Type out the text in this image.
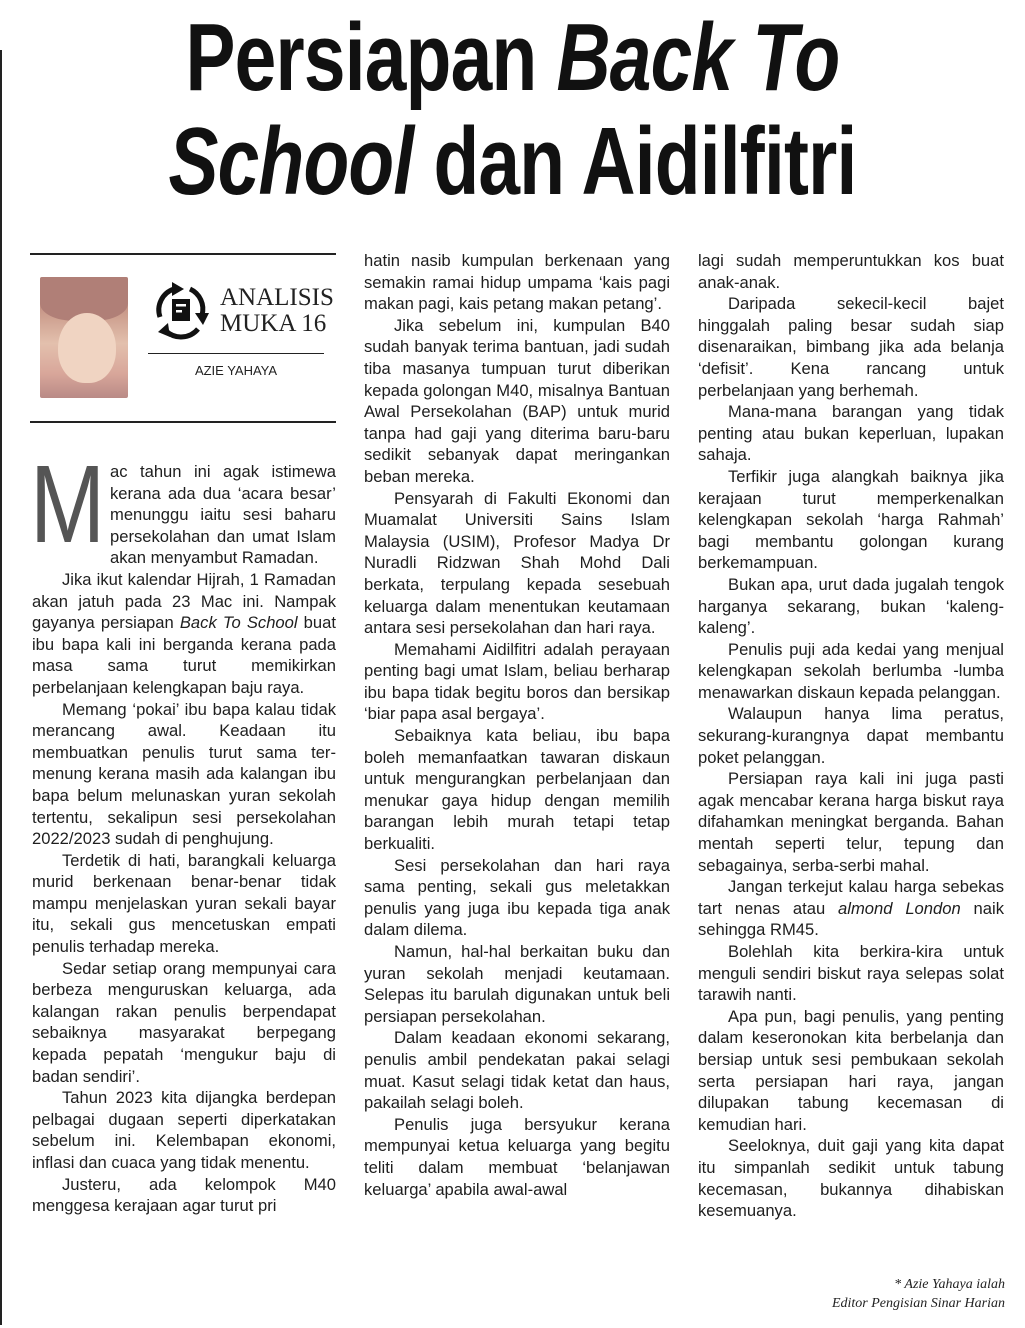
Persiapan Back To
School dan Aidilfitri
ANALISIS
MUKA 16
AZIE YAHAYA

Mac tahun ini agak istimewa kerana ada dua ‘acara besar’ menunggu iaitu sesi baharu persekolahan dan umat Islam akan menyambut Ramadan.

Jika ikut kalendar Hijrah, 1 Ramadan akan jatuh pada 23 Mac ini. Nampak gayanya persiapan Back To School buat ibu bapa kali ini berganda kerana pada masa sama turut memikirkan perbelanjaan kelengkapan baju raya.

Memang ‘pokai’ ibu bapa kalau tidak merancang awal. Keadaan itu membuatkan penulis turut sama termenung kerana masih ada kalangan ibu bapa belum melunaskan yuran sekolah tertentu, sekalipun sesi persekolahan 2022/2023 sudah di penghujung.

Terdetik di hati, barangkali keluarga murid berkenaan benar-benar tidak mampu menjelaskan yuran sekali bayar itu, sekali gus mencetuskan empati penulis terhadap mereka.

Sedar setiap orang mempunyai cara berbeza menguruskan keluarga, ada kalangan rakan penulis berpendapat sebaiknya masyarakat berpegang kepada pepatah ‘mengukur baju di badan sendiri’.

Tahun 2023 kita dijangka berdepan pelbagai dugaan seperti diperkatakan sebelum ini. Kelembapan ekonomi, inflasi dan cuaca yang tidak menentu.

Justeru, ada kelompok M40 menggesa kerajaan agar turut pri

hatin nasib kumpulan berkenaan yang semakin ramai hidup umpama ‘kais pagi makan pagi, kais petang makan petang’.

Jika sebelum ini, kumpulan B40 sudah banyak terima bantuan, jadi sudah tiba masanya tumpuan turut diberikan kepada golongan M40, misalnya Bantuan Awal Persekolahan (BAP) untuk murid tanpa had gaji yang diterima baru-baru sedikit sebanyak dapat meringankan beban mereka.

Pensyarah di Fakulti Ekonomi dan Muamalat Universiti Sains Islam Malaysia (USIM), Profesor Madya Dr Nuradli Ridzwan Shah Mohd Dali berkata, terpulang kepada sesebuah keluarga dalam menentukan keutamaan antara sesi persekolahan dan hari raya.

Memahami Aidilfitri adalah perayaan penting bagi umat Islam, beliau berharap ibu bapa tidak begitu boros dan bersikap ‘biar papa asal bergaya’.

Sebaiknya kata beliau, ibu bapa boleh memanfaatkan tawaran diskaun untuk mengurangkan perbelanjaan dan menukar gaya hidup dengan memilih barangan lebih murah tetapi tetap berkualiti.

Sesi persekolahan dan hari raya sama penting, sekali gus meletakkan penulis yang juga ibu kepada tiga anak dalam dilema.

Namun, hal-hal berkaitan buku dan yuran sekolah menjadi keutamaan. Selepas itu barulah digunakan untuk beli persiapan persekolahan.

Dalam keadaan ekonomi sekarang, penulis ambil pendekatan pakai selagi muat. Kasut selagi tidak ketat dan haus, pakailah selagi boleh.

Penulis juga bersyukur kerana mempunyai ketua keluarga yang begitu teliti dalam membuat ‘belanjawan keluarga’ apabila awal-awal

lagi sudah memperuntukkan kos buat anak-anak.

Daripada sekecil-kecil bajet hinggalah paling besar sudah siap disenaraikan, bimbang jika ada belanja ‘defisit’. Kena rancang untuk perbelanjaan yang berhemah.

Mana-mana barangan yang tidak penting atau bukan keperluan, lupakan sahaja.

Terfikir juga alangkah baiknya jika kerajaan turut memperkenalkan kelengkapan sekolah ‘harga Rahmah’ bagi membantu golongan kurang berkemampuan.

Bukan apa, urut dada jugalah tengok harganya sekarang, bukan ‘kaleng-kaleng’.

Penulis puji ada kedai yang menjual kelengkapan sekolah berlumba -lumba menawarkan diskaun kepada pelanggan.

Walaupun hanya lima peratus, sekurang-kurangnya dapat membantu poket pelanggan.

Persiapan raya kali ini juga pasti agak mencabar kerana harga biskut raya difahamkan meningkat berganda. Bahan mentah seperti telur, tepung dan sebagainya, serba-serbi mahal.

Jangan terkejut kalau harga sebekas tart nenas atau almond London naik sehingga RM45.

Bolehlah kita berkira-kira untuk menguli sendiri biskut raya selepas solat tarawih nanti.

Apa pun, bagi penulis, yang penting dalam keseronokan kita berbelanja dan bersiap untuk sesi pembukaan sekolah serta persiapan hari raya, jangan dilupakan tabung kecemasan di kemudian hari.

Seeloknya, duit gaji yang kita dapat itu simpanlah sedikit untuk tabung kecemasan, bukannya dihabiskan kesemuanya.

* Azie Yahaya ialah
Editor Pengisian Sinar Harian
